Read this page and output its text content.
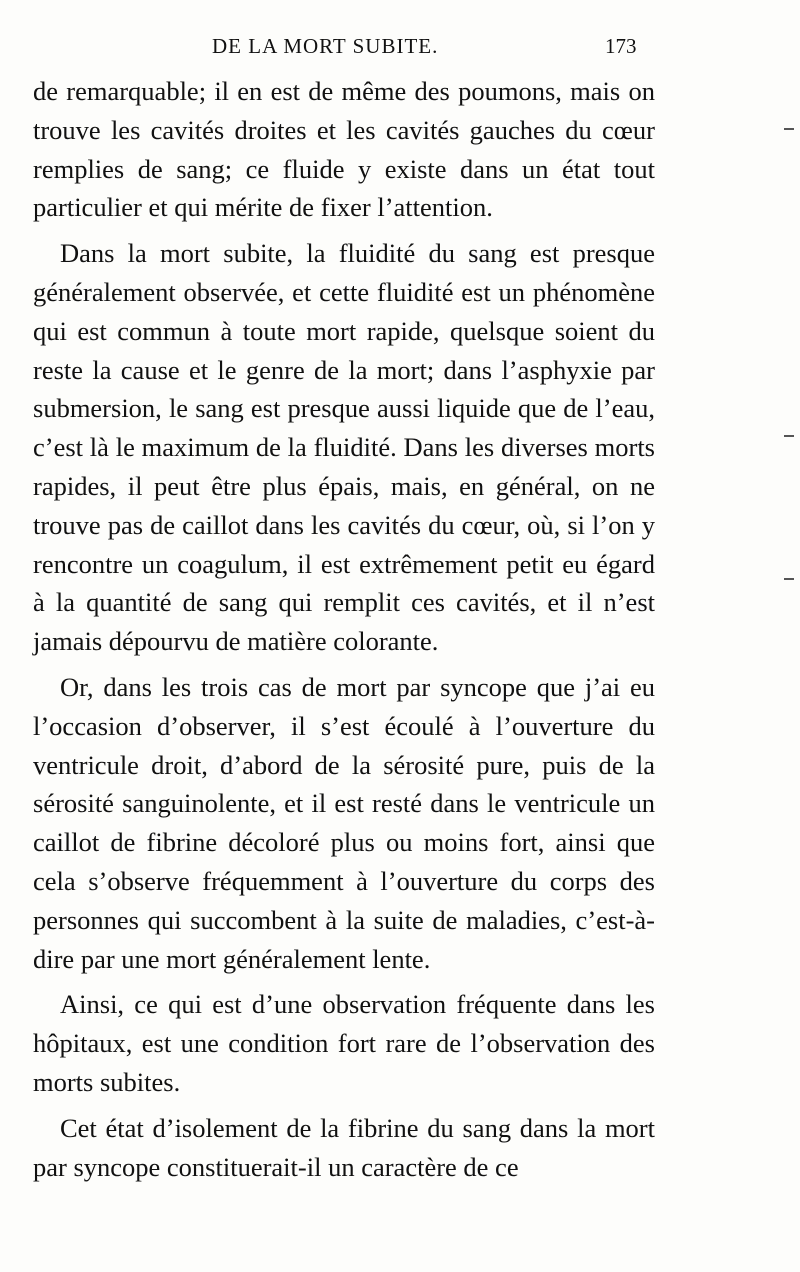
DE LA MORT SUBITE.	173

de remarquable; il en est de même des poumons, mais on trouve les cavités droites et les cavités gauches du cœur remplies de sang; ce fluide y existe dans un état tout particulier et qui mérite de fixer l’attention.

Dans la mort subite, la fluidité du sang est presque généralement observée, et cette fluidité est un phénomène qui est commun à toute mort rapide, quelsque soient du reste la cause et le genre de la mort; dans l’asphyxie par submersion, le sang est presque aussi liquide que de l’eau, c’est là le maximum de la fluidité. Dans les diverses morts rapides, il peut être plus épais, mais, en général, on ne trouve pas de caillot dans les cavités du cœur, où, si l’on y rencontre un coagulum, il est extrêmement petit eu égard à la quantité de sang qui remplit ces cavités, et il n’est jamais dépourvu de matière colorante.

Or, dans les trois cas de mort par syncope que j’ai eu l’occasion d’observer, il s’est écoulé à l’ouverture du ventricule droit, d’abord de la sérosité pure, puis de la sérosité sanguinolente, et il est resté dans le ventricule un caillot de fibrine décoloré plus ou moins fort, ainsi que cela s’observe fréquemment à l’ouverture du corps des personnes qui succombent à la suite de maladies, c’est-à-dire par une mort généralement lente.

Ainsi, ce qui est d’une observation fréquente dans les hôpitaux, est une condition fort rare de l’observation des morts subites.

Cet état d’isolement de la fibrine du sang dans la mort par syncope constituerait-il un caractère de ce
